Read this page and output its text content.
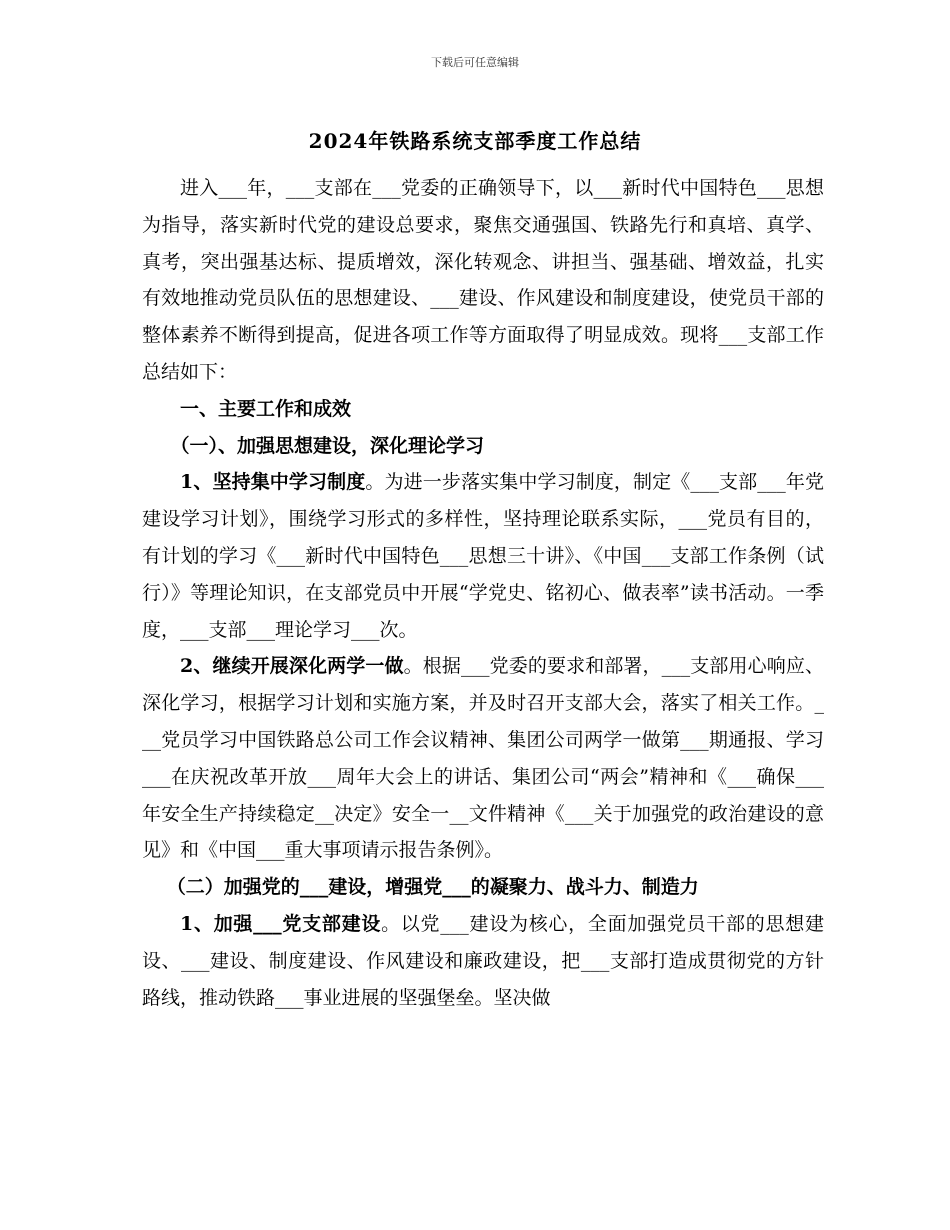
下载后可任意编辑
2024年铁路系统支部季度工作总结

进入___年，___支部在___党委的正确领导下，以___新时代中国特色___思想为指导，落实新时代党的建设总要求，聚焦交通强国、铁路先行和真培、真学、真考，突出强基达标、提质增效，深化转观念、讲担当、强基础、增效益，扎实有效地推动党员队伍的思想建设、___建设、作风建设和制度建设，使党员干部的整体素养不断得到提高，促进各项工作等方面取得了明显成效。现将___支部工作总结如下：

一、主要工作和成效

（一）、加强思想建设，深化理论学习

1、坚持集中学习制度。为进一步落实集中学习制度，制定《___支部___年党建设学习计划》，围绕学习形式的多样性，坚持理论联系实际，___党员有目的，有计划的学习《___新时代中国特色___思想三十讲》、《中国___支部工作条例（试行）》等理论知识，在支部党员中开展“学党史、铭初心、做表率”读书活动。一季度，___支部___理论学习___次。

2、继续开展深化两学一做。根据___党委的要求和部署，___支部用心响应、深化学习，根据学习计划和实施方案，并及时召开支部大会，落实了相关工作。___党员学习中国铁路总公司工作会议精神、集团公司两学一做第___期通报、学习___在庆祝改革开放___周年大会上的讲话、集团公司“两会”精神和《___确保___年安全生产持续稳定__决定》安全一__文件精神《___关于加强党的政治建设的意见》和《中国___重大事项请示报告条例》。

（二）加强党的___建设，增强党___的凝聚力、战斗力、制造力

1、加强___党支部建设。以党___建设为核心，全面加强党员干部的思想建设、___建设、制度建设、作风建设和廉政建设，把___支部打造成贯彻党的方针路线，推动铁路___事业进展的坚强堡垒。坚决做
